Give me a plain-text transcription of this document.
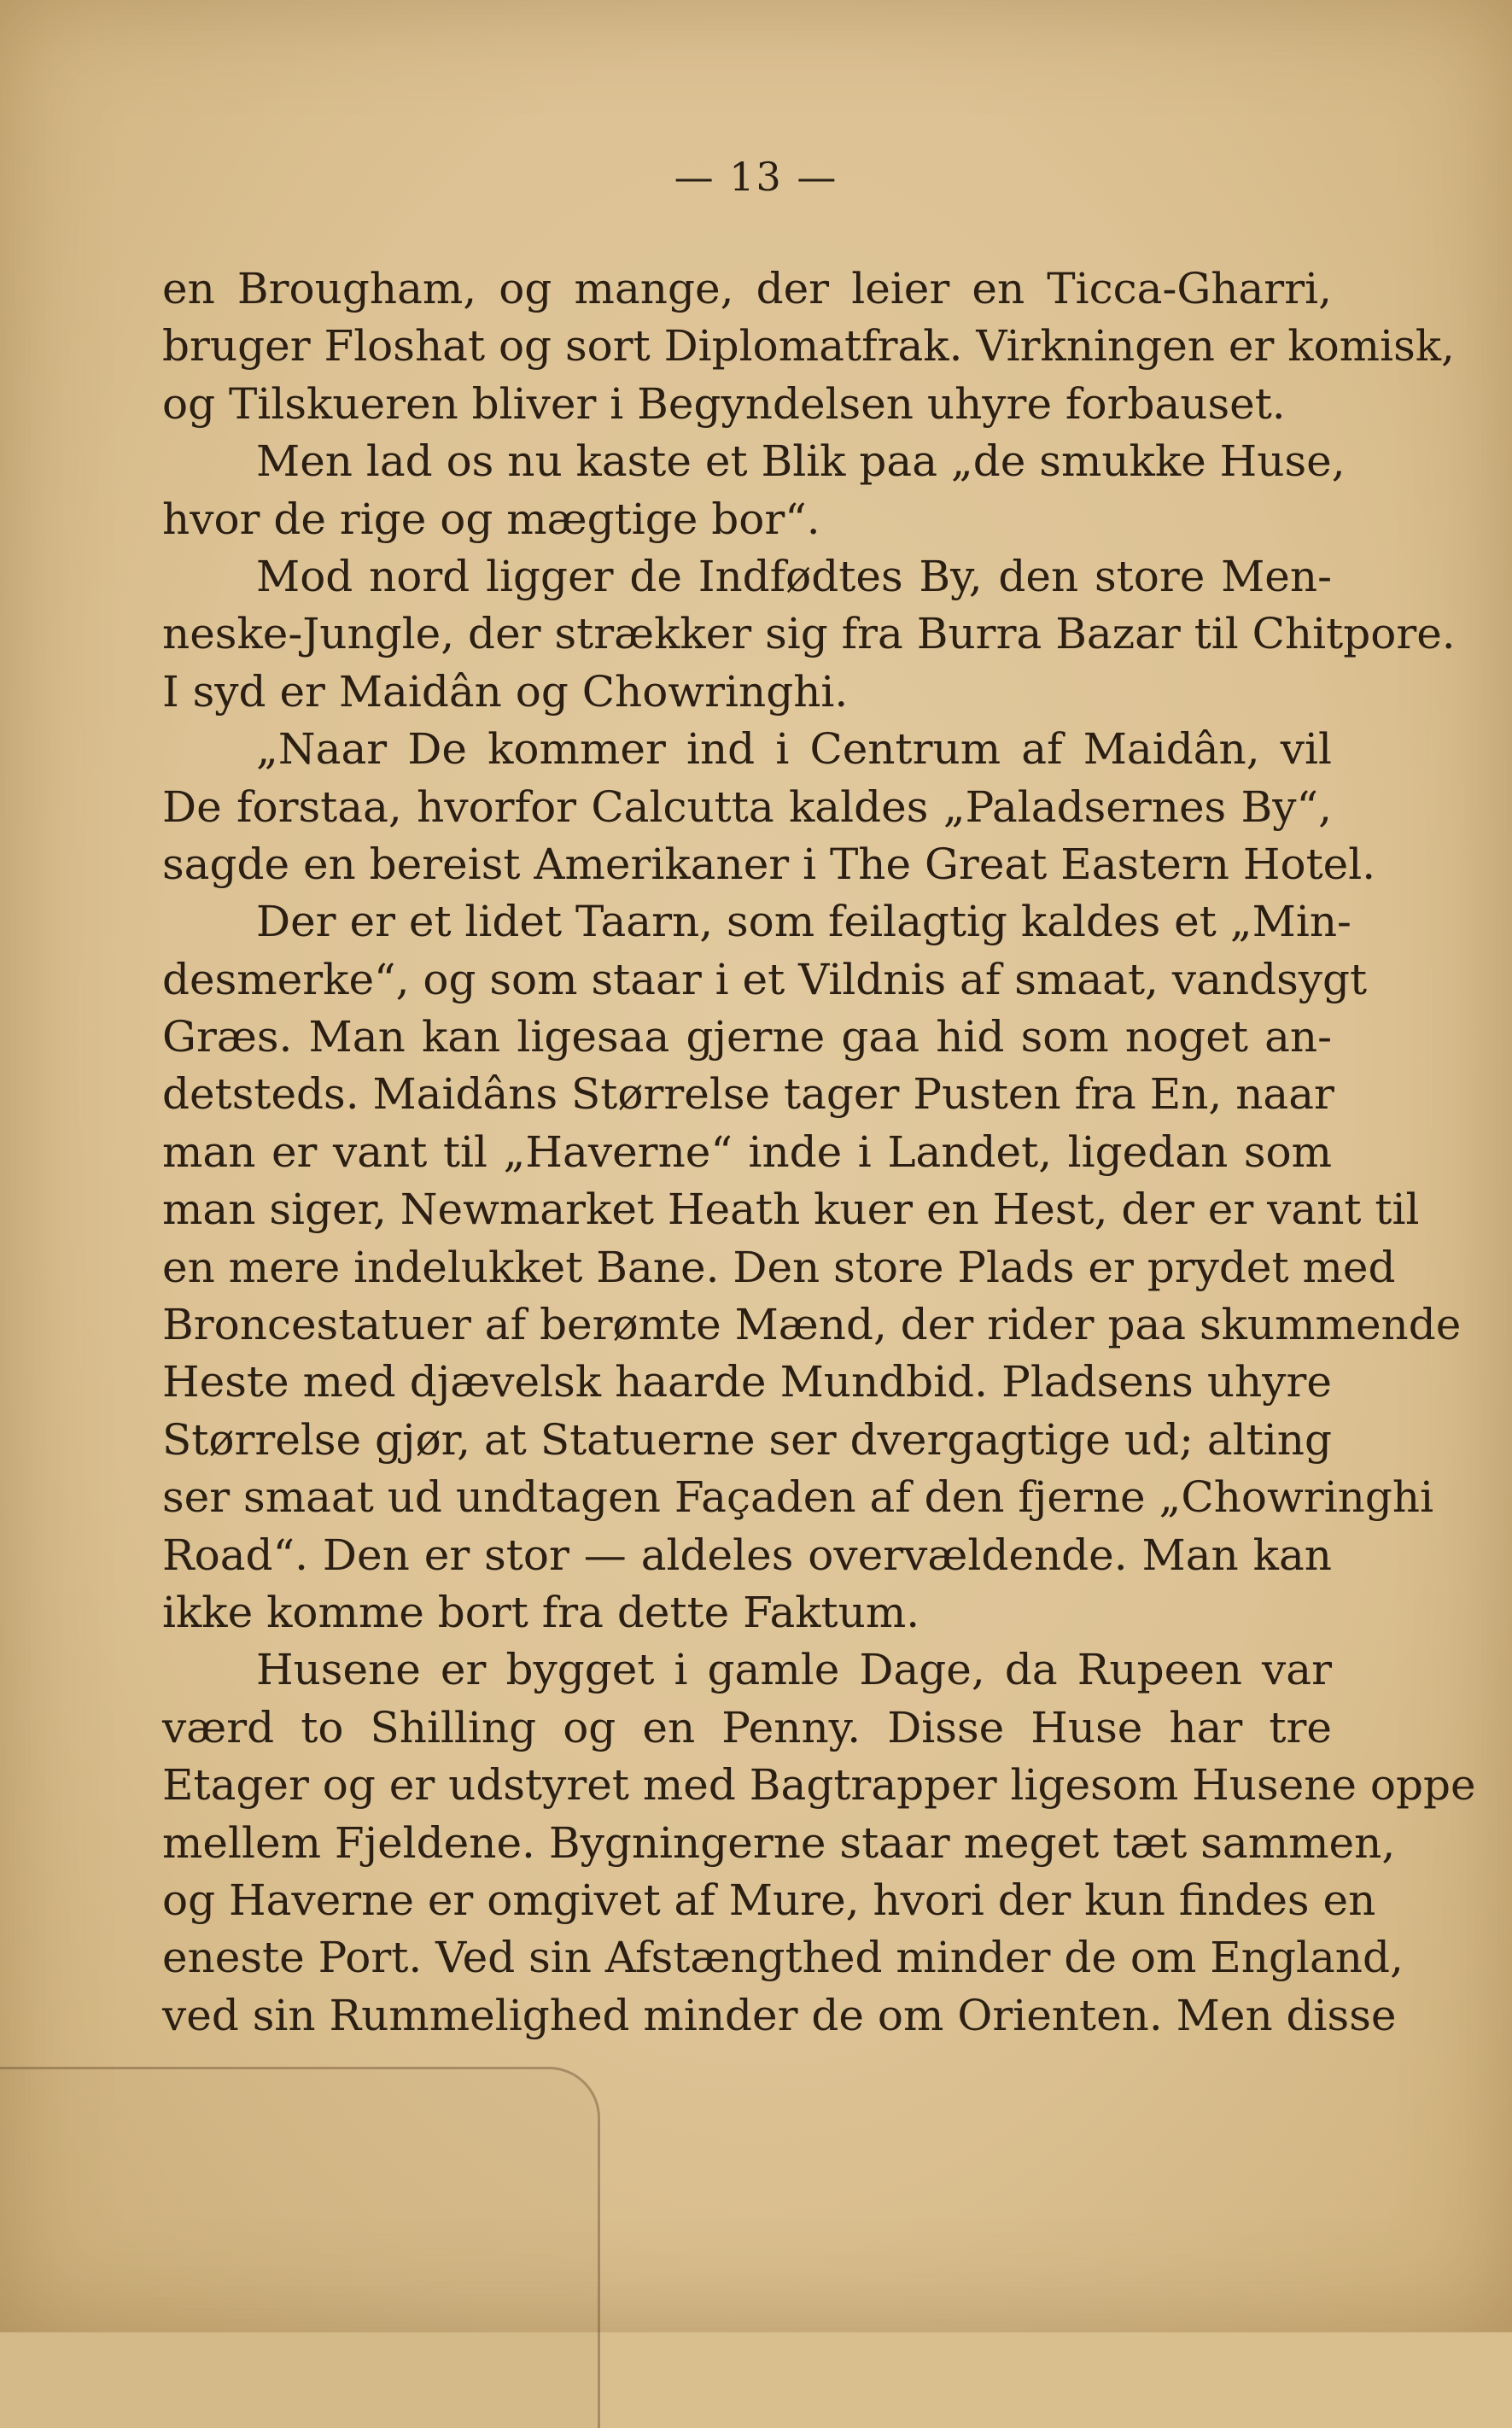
— 13 —
en Brougham, og mange, der leier en Ticca-Gharri,
bruger Floshat og sort Diplomatfrak. Virkningen er komisk,
og Tilskueren bliver i Begyndelsen uhyre forbauset.
Men lad os nu kaste et Blik paa „de smukke Huse,
hvor de rige og mægtige bor“.
Mod nord ligger de Indfødtes By, den store Men-
neske-Jungle, der strækker sig fra Burra Bazar til Chitpore.
I syd er Maidân og Chowringhi.
„Naar De kommer ind i Centrum af Maidân, vil
De forstaa, hvorfor Calcutta kaldes „Paladsernes By“,
sagde en bereist Amerikaner i The Great Eastern Hotel.
Der er et lidet Taarn, som feilagtig kaldes et „Min-
desmerke“, og som staar i et Vildnis af smaat, vandsygt
Græs. Man kan ligesaa gjerne gaa hid som noget an-
detsteds. Maidâns Størrelse tager Pusten fra En, naar
man er vant til „Haverne“ inde i Landet, ligedan som
man siger, Newmarket Heath kuer en Hest, der er vant til
en mere indelukket Bane. Den store Plads er prydet med
Broncestatuer af berømte Mænd, der rider paa skummende
Heste med djævelsk haarde Mundbid. Pladsens uhyre
Størrelse gjør, at Statuerne ser dvergagtige ud; alting
ser smaat ud undtagen Façaden af den fjerne „Chowringhi
Road“. Den er stor — aldeles overvældende. Man kan
ikke komme bort fra dette Faktum.
Husene er bygget i gamle Dage, da Rupeen var
værd to Shilling og en Penny. Disse Huse har tre
Etager og er udstyret med Bagtrapper ligesom Husene oppe
mellem Fjeldene. Bygningerne staar meget tæt sammen,
og Haverne er omgivet af Mure, hvori der kun findes en
eneste Port. Ved sin Afstængthed minder de om England,
ved sin Rummelighed minder de om Orienten. Men disse
